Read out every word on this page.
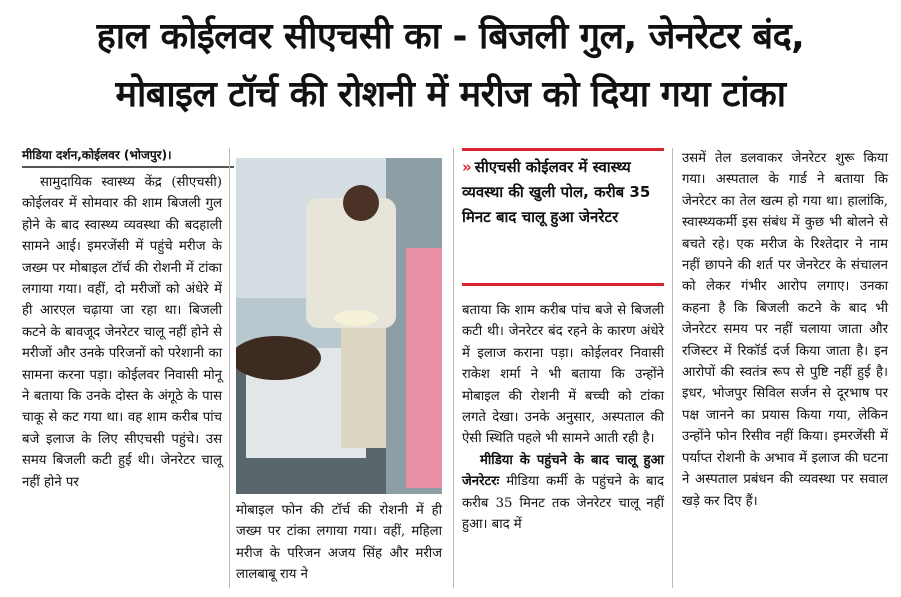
हाल कोईलवर सीएचसी का - बिजली गुल, जेनरेटर बंद,
मोबाइल टॉर्च की रोशनी में मरीज को दिया गया टांका
मीडिया दर्शन,कोईलवर (भोजपुर)।

सामुदायिक स्वास्थ्य केंद्र (सीएचसी) कोईलवर में सोमवार की शाम बिजली गुल होने के बाद स्वास्थ्य व्यवस्था की बदहाली सामने आई। इमरजेंसी में पहुंचे मरीज के जख्म पर मोबाइल टॉर्च की रोशनी में टांका लगाया गया। वहीं, दो मरीजों को अंधेरे में ही आरएल चढ़ाया जा रहा था। बिजली कटने के बावजूद जेनरेटर चालू नहीं होने से मरीजों और उनके परिजनों को परेशानी का सामना करना पड़ा। कोईलवर निवासी मोनू ने बताया कि उनके दोस्त के अंगूठे के पास चाकू से कट गया था। वह शाम करीब पांच बजे इलाज के लिए सीएचसी पहुंचे। उस समय बिजली कटी हुई थी। जेनरेटर चालू नहीं होने पर

मोबाइल फोन की टॉर्च की रोशनी में ही जख्म पर टांका लगाया गया। वहीं, महिला मरीज के परिजन अजय सिंह और मरीज लालबाबू राय ने
» सीएचसी कोईलवर में स्वास्थ्य व्यवस्था की खुली पोल, करीब 35 मिनट बाद चालू हुआ जेनरेटर

बताया कि शाम करीब पांच बजे से बिजली कटी थी। जेनरेटर बंद रहने के कारण अंधेरे में इलाज कराना पड़ा। कोईलवर निवासी राकेश शर्मा ने भी बताया कि उन्होंने मोबाइल की रोशनी में बच्ची को टांका लगते देखा। उनके अनुसार, अस्पताल की ऐसी स्थिति पहले भी सामने आती रही है।

मीडिया के पहुंचने के बाद चालू हुआ जेनरेटरः मीडिया कर्मी के पहुंचने के बाद करीब 35 मिनट तक जेनरेटर चालू नहीं हुआ। बाद में

उसमें तेल डलवाकर जेनरेटर शुरू किया गया। अस्पताल के गार्ड ने बताया कि जेनरेटर का तेल खत्म हो गया था। हालांकि, स्वास्थ्यकर्मी इस संबंध में कुछ भी बोलने से बचते रहे। एक मरीज के रिश्तेदार ने नाम नहीं छापने की शर्त पर जेनरेटर के संचालन को लेकर गंभीर आरोप लगाए। उनका कहना है कि बिजली कटने के बाद भी जेनरेटर समय पर नहीं चलाया जाता और रजिस्टर में रिकॉर्ड दर्ज किया जाता है। इन आरोपों की स्वतंत्र रूप से पुष्टि नहीं हुई है। इधर, भोजपुर सिविल सर्जन से दूरभाष पर पक्ष जानने का प्रयास किया गया, लेकिन उन्होंने फोन रिसीव नहीं किया। इमरजेंसी में पर्याप्त रोशनी के अभाव में इलाज की घटना ने अस्पताल प्रबंधन की व्यवस्था पर सवाल खड़े कर दिए हैं।
